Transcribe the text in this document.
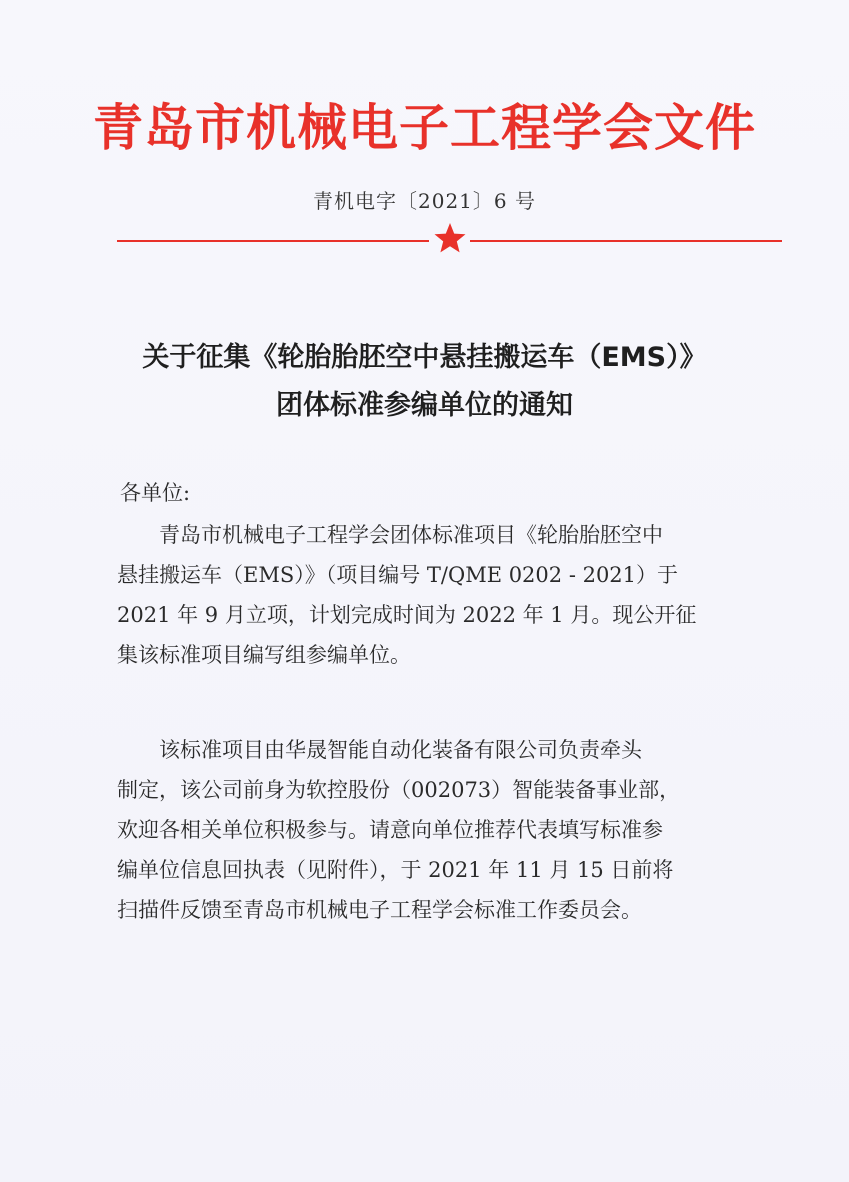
青岛市机械电子工程学会文件
青机电字〔2021〕6 号
关于征集《轮胎胎胚空中悬挂搬运车（EMS）》
团体标准参编单位的通知
各单位:
青岛市机械电子工程学会团体标准项目《轮胎胎胚空中
悬挂搬运车（EMS）》（项目编号 T/QME 0202 - 2021）于
2021 年 9 月立项，计划完成时间为 2022 年 1 月。现公开征
集该标准项目编写组参编单位。
该标准项目由华晟智能自动化装备有限公司负责牵头
制定，该公司前身为软控股份（002073）智能装备事业部，
欢迎各相关单位积极参与。请意向单位推荐代表填写标准参
编单位信息回执表（见附件），于 2021 年 11 月 15 日前将
扫描件反馈至青岛市机械电子工程学会标准工作委员会。
